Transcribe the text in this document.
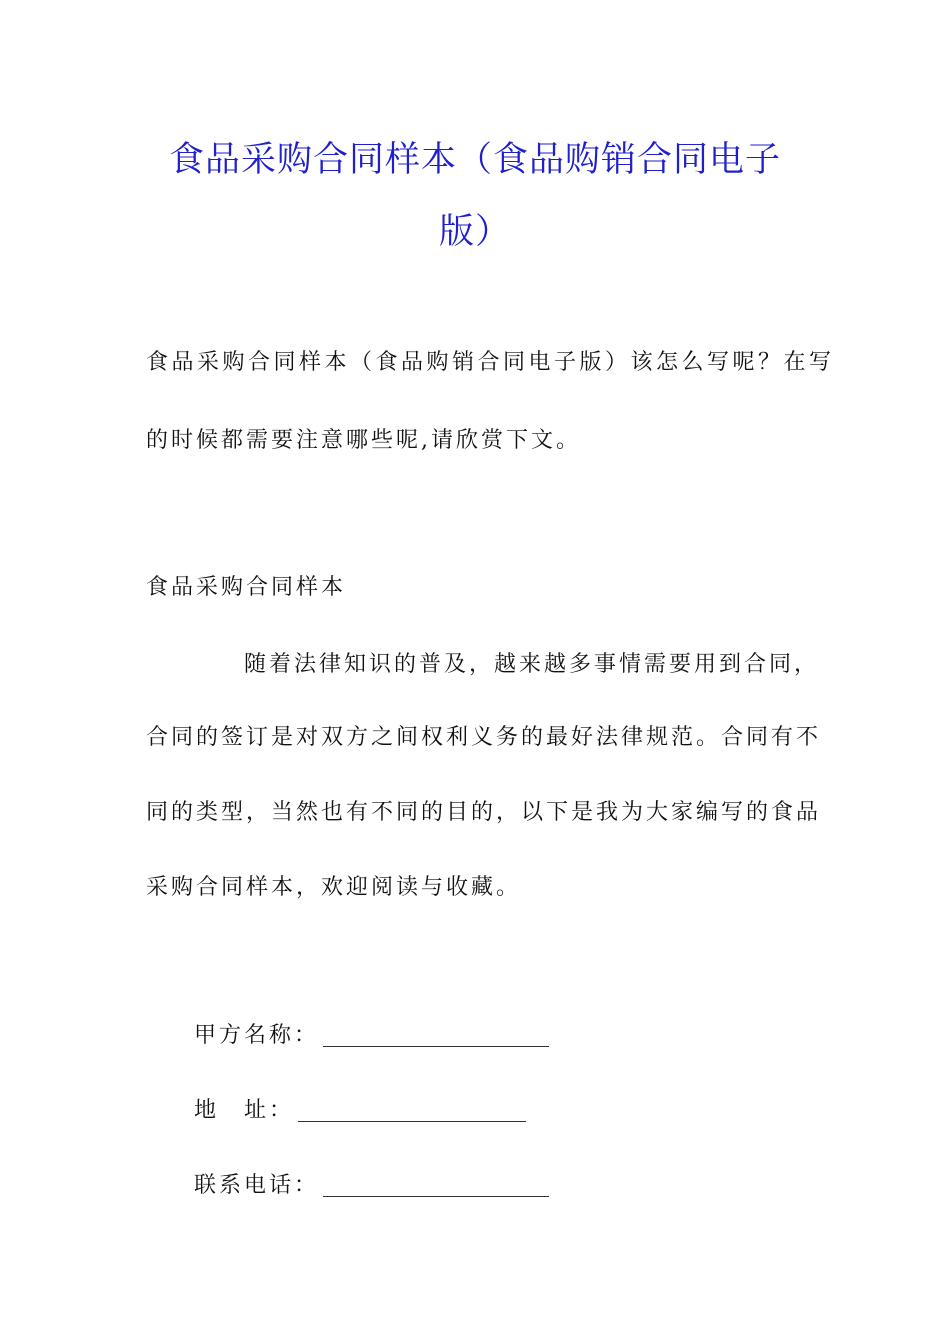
食品采购合同样本（食品购销合同电子
版）
食品采购合同样本（食品购销合同电子版）该怎么写呢？在写
的时候都需要注意哪些呢,请欣赏下文。
食品采购合同样本
随着法律知识的普及，越来越多事情需要用到合同，
合同的签订是对双方之间权利义务的最好法律规范。合同有不
同的类型，当然也有不同的目的，以下是我为大家编写的食品
采购合同样本，欢迎阅读与收藏。
甲方名称：
地　址：
联系电话：
